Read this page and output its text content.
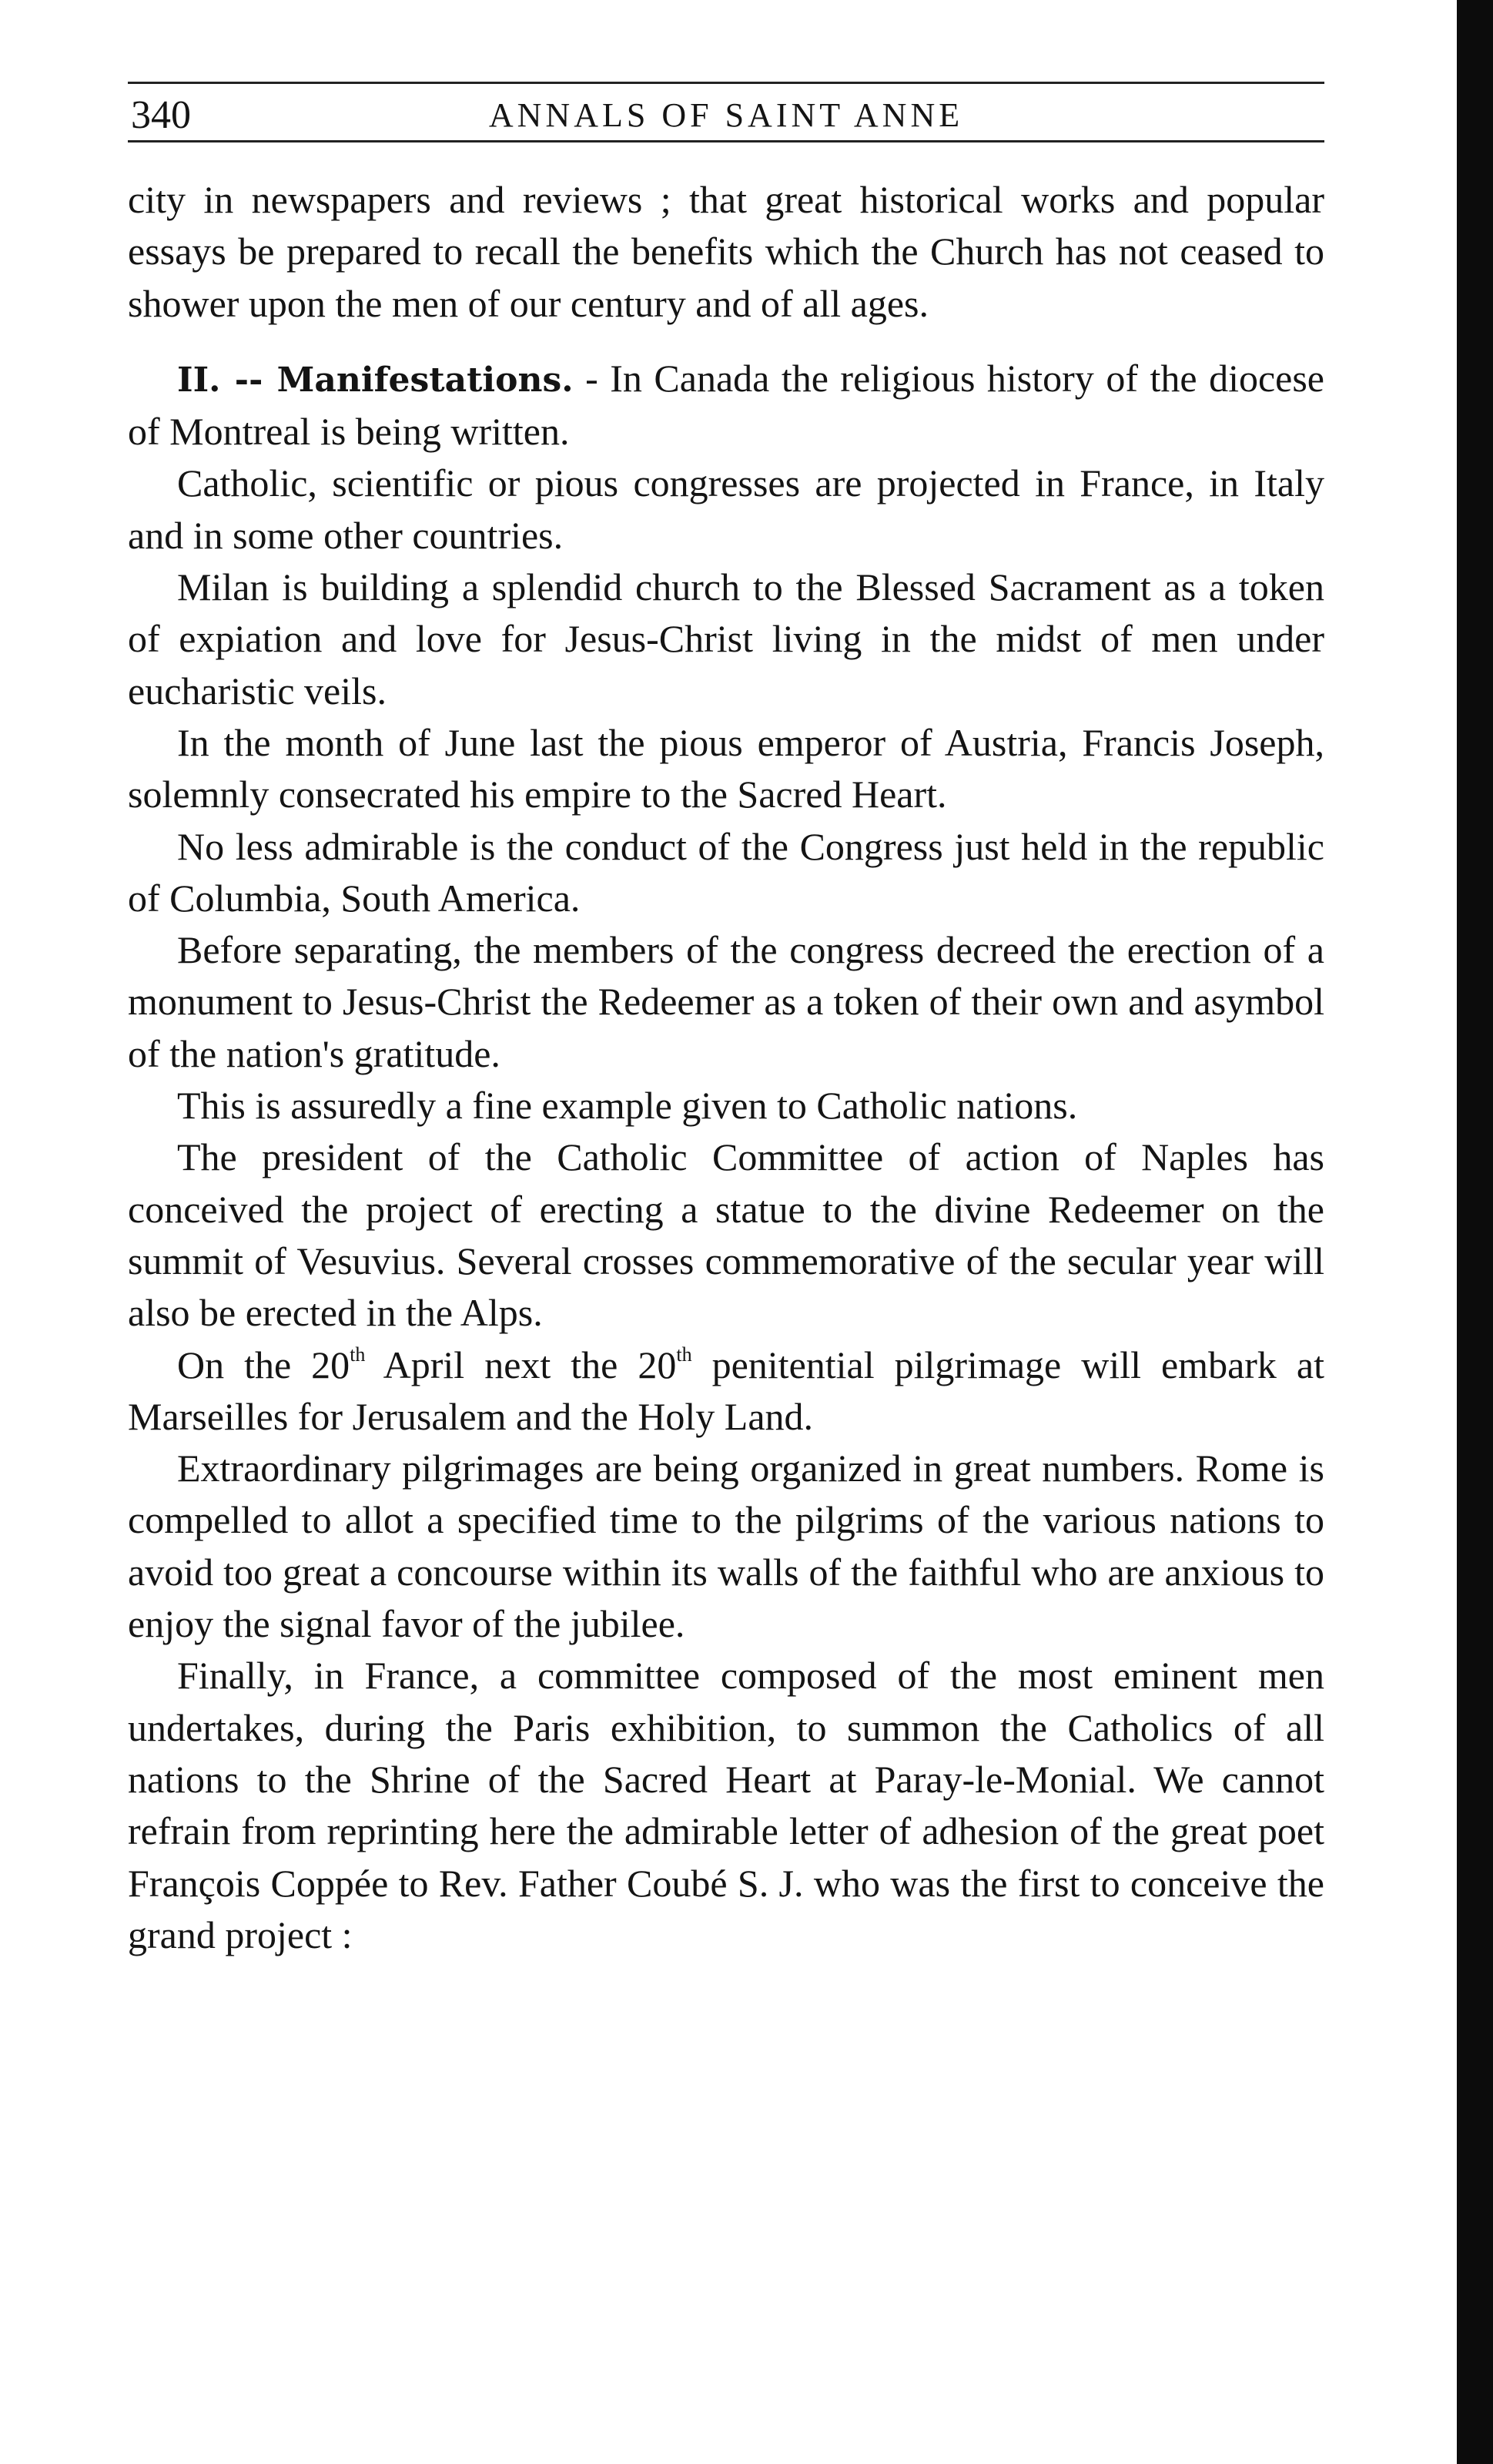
340	ANNALS OF SAINT ANNE

city in newspapers and reviews ; that great historical works and popular essays be prepared to recall the benefits which the Church has not ceased to shower upon the men of our century and of all ages.

II. -- Manifestations. - In Canada the religious history of the diocese of Montreal is being written.

Catholic, scientific or pious congresses are projected in France, in Italy and in some other countries.

Milan is building a splendid church to the Blessed Sacrament as a token of expiation and love for Jesus-Christ living in the midst of men under eucharistic veils.

In the month of June last the pious emperor of Austria, Francis Joseph, solemnly consecrated his empire to the Sacred Heart.

No less admirable is the conduct of the Congress just held in the republic of Columbia, South America.

Before separating, the members of the congress decreed the erection of a monument to Jesus-Christ the Redeemer as a token of their own and asymbol of the nation's gratitude.

This is assuredly a fine example given to Catholic nations.

The president of the Catholic Committee of action of Naples has conceived the project of erecting a statue to the divine Redeemer on the summit of Vesuvius. Several crosses commemorative of the secular year will also be erected in the Alps.

On the 20th April next the 20th penitential pilgrimage will embark at Marseilles for Jerusalem and the Holy Land.

Extraordinary pilgrimages are being organized in great numbers. Rome is compelled to allot a specified time to the pilgrims of the various nations to avoid too great a concourse within its walls of the faithful who are anxious to enjoy the signal favor of the jubilee.

Finally, in France, a committee composed of the most eminent men undertakes, during the Paris exhibition, to summon the Catholics of all nations to the Shrine of the Sacred Heart at Paray-le-Monial. We cannot refrain from reprinting here the admirable letter of adhesion of the great poet François Coppée to Rev. Father Coubé S. J. who was the first to conceive the grand project :
